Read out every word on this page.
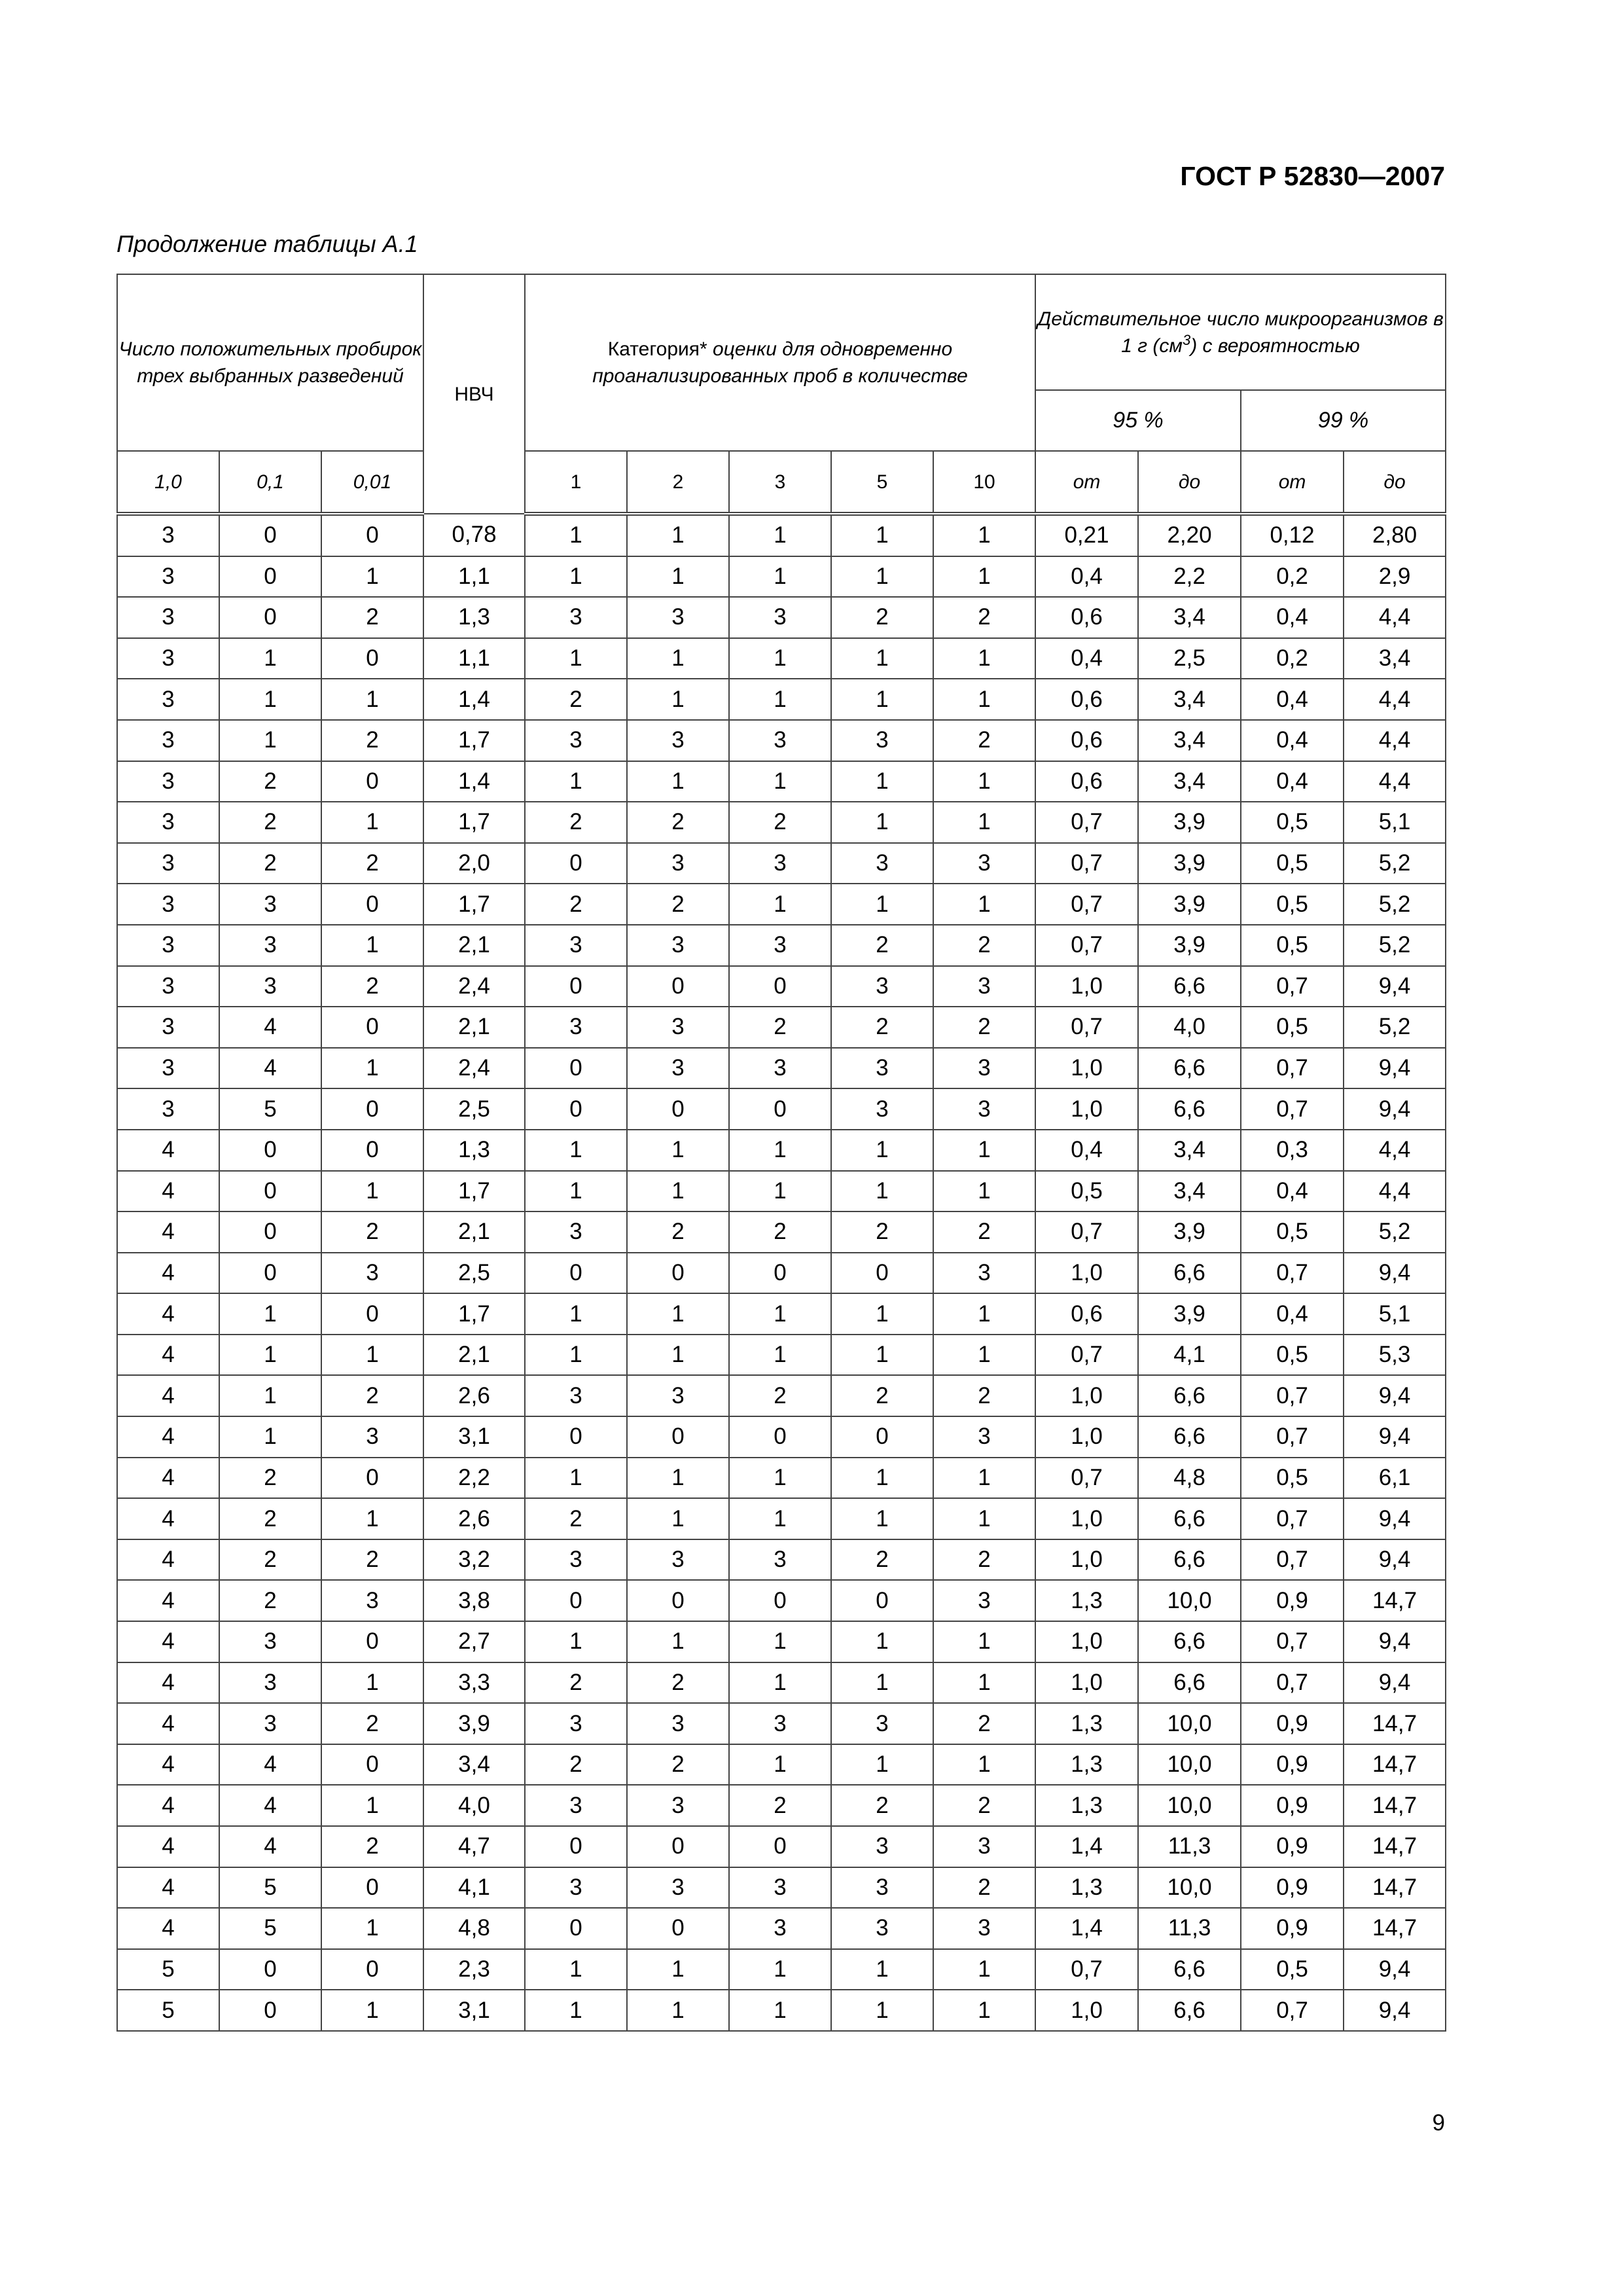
ГОСТ Р 52830—2007
Продолжение таблицы А.1
Число положительных пробирок трех выбранных разведений			НВЧ	Категория* оценки для одновременно проанализированных проб в количестве					Действительное число микроорганизмов в 1 г $(см^3)$ с вероятностью			
									95 %		99 %	
1,0	0,1	0,01		1	2	3	5	10	от	до	от	до
3	0	0	0,78	1	1	1	1	1	0,21	2,20	0,12	2,80
3	0	1	1,1	1	1	1	1	1	0,4	2,2	0,2	2,9
3	0	2	1,3	3	3	3	2	2	0,6	3,4	0,4	4,4
3	1	0	1,1	1	1	1	1	1	0,4	2,5	0,2	3,4
3	1	1	1,4	2	1	1	1	1	0,6	3,4	0,4	4,4
3	1	2	1,7	3	3	3	3	2	0,6	3,4	0,4	4,4
3	2	0	1,4	1	1	1	1	1	0,6	3,4	0,4	4,4
3	2	1	1,7	2	2	2	1	1	0,7	3,9	0,5	5,1
3	2	2	2,0	0	3	3	3	3	0,7	3,9	0,5	5,2
3	3	0	1,7	2	2	1	1	1	0,7	3,9	0,5	5,2
3	3	1	2,1	3	3	3	2	2	0,7	3,9	0,5	5,2
3	3	2	2,4	0	0	0	3	3	1,0	6,6	0,7	9,4
3	4	0	2,1	3	3	2	2	2	0,7	4,0	0,5	5,2
3	4	1	2,4	0	3	3	3	3	1,0	6,6	0,7	9,4
3	5	0	2,5	0	0	0	3	3	1,0	6,6	0,7	9,4
4	0	0	1,3	1	1	1	1	1	0,4	3,4	0,3	4,4
4	0	1	1,7	1	1	1	1	1	0,5	3,4	0,4	4,4
4	0	2	2,1	3	2	2	2	2	0,7	3,9	0,5	5,2
4	0	3	2,5	0	0	0	0	3	1,0	6,6	0,7	9,4
4	1	0	1,7	1	1	1	1	1	0,6	3,9	0,4	5,1
4	1	1	2,1	1	1	1	1	1	0,7	4,1	0,5	5,3
4	1	2	2,6	3	3	2	2	2	1,0	6,6	0,7	9,4
4	1	3	3,1	0	0	0	0	3	1,0	6,6	0,7	9,4
4	2	0	2,2	1	1	1	1	1	0,7	4,8	0,5	6,1
4	2	1	2,6	2	1	1	1	1	1,0	6,6	0,7	9,4
4	2	2	3,2	3	3	3	2	2	1,0	6,6	0,7	9,4
4	2	3	3,8	0	0	0	0	3	1,3	10,0	0,9	14,7
4	3	0	2,7	1	1	1	1	1	1,0	6,6	0,7	9,4
4	3	1	3,3	2	2	1	1	1	1,0	6,6	0,7	9,4
4	3	2	3,9	3	3	3	3	2	1,3	10,0	0,9	14,7
4	4	0	3,4	2	2	1	1	1	1,3	10,0	0,9	14,7
4	4	1	4,0	3	3	2	2	2	1,3	10,0	0,9	14,7
4	4	2	4,7	0	0	0	3	3	1,4	11,3	0,9	14,7
4	5	0	4,1	3	3	3	3	2	1,3	10,0	0,9	14,7
4	5	1	4,8	0	0	3	3	3	1,4	11,3	0,9	14,7
5	0	0	2,3	1	1	1	1	1	0,7	6,6	0,5	9,4
5	0	1	3,1	1	1	1	1	1	1,0	6,6	0,7	9,4
9
